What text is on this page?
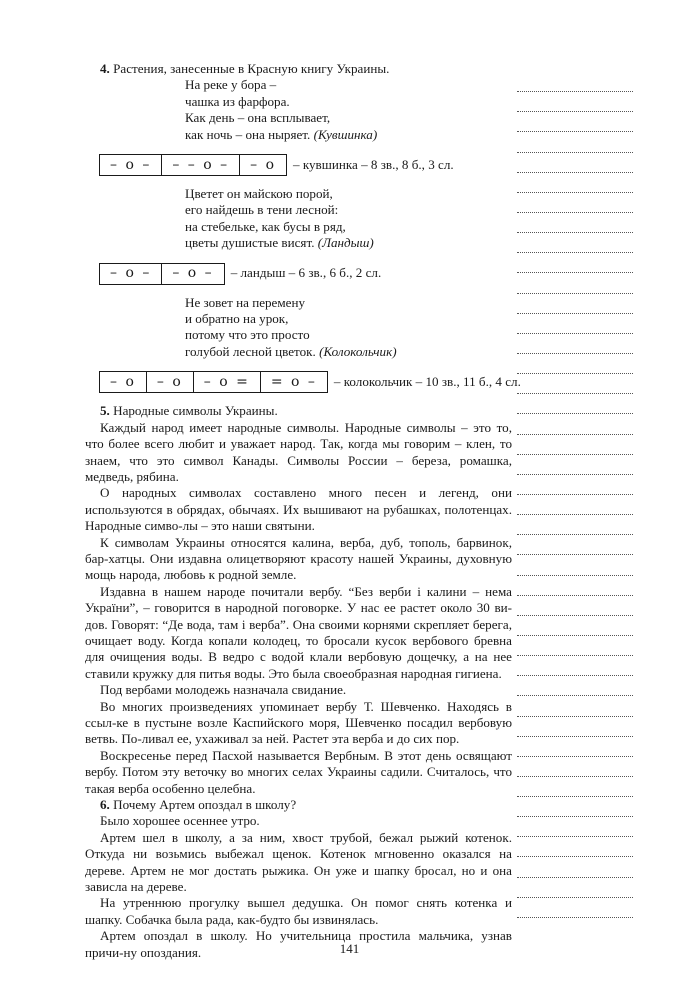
4. Растения, занесенные в Красную книгу Украины.

На реке у бора –
чашка из фарфора.
Как день – она всплывает,
как ночь – она ныряет. (Кувшинка)
– о –	– – о –	– о	– кувшинка – 8 зв., 8 б., 3 сл.
Цветет он майскою порой,
его найдешь в тени лесной:
на стебельке, как бусы в ряд,
цветы душистые висят. (Ландыш)
– о –	– о –	– ландыш – 6 зв., 6 б., 2 сл.
Не зовет на перемену
и обратно на урок,
потому что это просто
голубой лесной цветок. (Колокольчик)
– о	– о	– о =	= о –	– колокольчик – 10 зв., 11 б., 4 сл.

5. Народные символы Украины.

Каждый народ имеет народные символы. Народные символы – это то, что более всего любит и уважает народ. Так, когда мы говорим – клен, то знаем, что это символ Канады. Символы России – береза, ромашка, медведь, рябина.

О народных символах составлено много песен и легенд, они используются в обрядах, обычаях. Их вышивают на рубашках, полотенцах. Народные симво-лы – это наши святыни.

К символам Украины относятся калина, верба, дуб, тополь, барвинок, бар-хатцы. Они издавна олицетворяют красоту нашей Украины, духовную мощь народа, любовь к родной земле.

Издавна в нашем народе почитали вербу. “Без верби і калини – нема України”, – говорится в народной поговорке. У нас ее растет около 30 ви-дов. Говорят: “Де вода, там і верба”. Она своими корнями скрепляет берега, очищает воду. Когда копали колодец, то бросали кусок вербового бревна для очищения воды. В ведро с водой клали вербовую дощечку, а на нее ставили кружку для питья воды. Это была своеобразная народная гигиена.

Под вербами молодежь назначала свидание.

Во многих произведениях упоминает вербу Т. Шевченко. Находясь в ссыл-ке в пустыне возле Каспийского моря, Шевченко посадил вербовую ветвь. По-ливал ее, ухаживал за ней. Растет эта верба и до сих пор.

Воскресенье перед Пасхой называется Вербным. В этот день освящают вербу. Потом эту веточку во многих селах Украины садили. Считалось, что такая верба особенно целебна.

6. Почему Артем опоздал в школу?

Было хорошее осеннее утро.

Артем шел в школу, а за ним, хвост трубой, бежал рыжий котенок. Откуда ни возьмись выбежал щенок. Котенок мгновенно оказался на дереве. Артем не мог достать рыжика. Он уже и шапку бросал, но и она зависла на дереве.

На утреннюю прогулку вышел дедушка. Он помог снять котенка и шапку. Собачка была рада, как-будто бы извинялась.

Артем опоздал в школу. Но учительница простила мальчика, узнав причи-ну опоздания.	141
